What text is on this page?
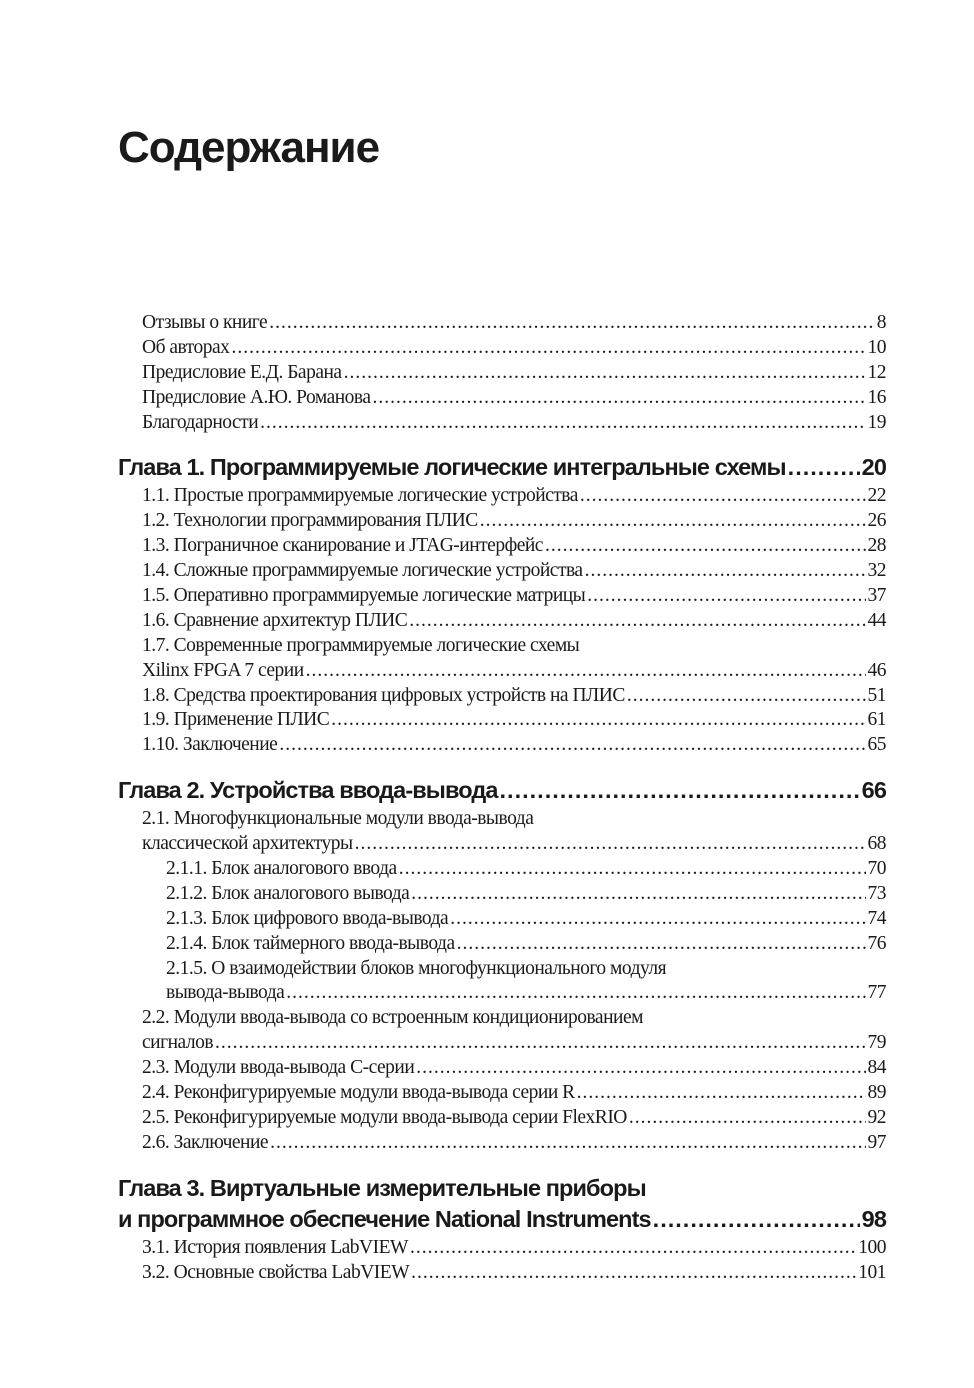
Содержание
Отзывы о книге .....	8
Об авторах .....	10
Предисловие Е.Д. Барана .....	12
Предисловие А.Ю. Романова .....	16
Благодарности .....	19
Глава 1. Программируемые логические интегральные схемы .....	20
1.1. Простые программируемые логические устройства .....	22
1.2. Технологии программирования ПЛИС .....	26
1.3. Пограничное сканирование и JTAG-интерфейс .....	28
1.4. Сложные программируемые логические устройства .....	32
1.5. Оперативно программируемые логические матрицы .....	37
1.6. Сравнение архитектур ПЛИС .....	44
1.7. Современные программируемые логические схемы
Xilinx FPGA 7 серии .....	46
1.8. Средства проектирования цифровых устройств на ПЛИС .....	51
1.9. Применение ПЛИС .....	61
1.10. Заключение .....	65
Глава 2. Устройства ввода-вывода .....	66
2.1. Многофункциональные модули ввода-вывода
классической архитектуры .....	68
2.1.1. Блок аналогового ввода .....	70
2.1.2. Блок аналогового вывода .....	73
2.1.3. Блок цифрового ввода-вывода .....	74
2.1.4. Блок таймерного ввода-вывода .....	76
2.1.5. О взаимодействии блоков многофункционального модуля
вывода-вывода .....	77
2.2. Модули ввода-вывода со встроенным кондиционированием
сигналов .....	79
2.3. Модули ввода-вывода С-серии .....	84
2.4. Реконфигурируемые модули ввода-вывода серии R .....	89
2.5. Реконфигурируемые модули ввода-вывода серии FlexRIO .....	92
2.6. Заключение .....	97
Глава 3. Виртуальные измерительные приборы
и программное обеспечение National Instruments .....	98
3.1. История появления LabVIEW .....	100
3.2. Основные свойства LabVIEW .....	101
